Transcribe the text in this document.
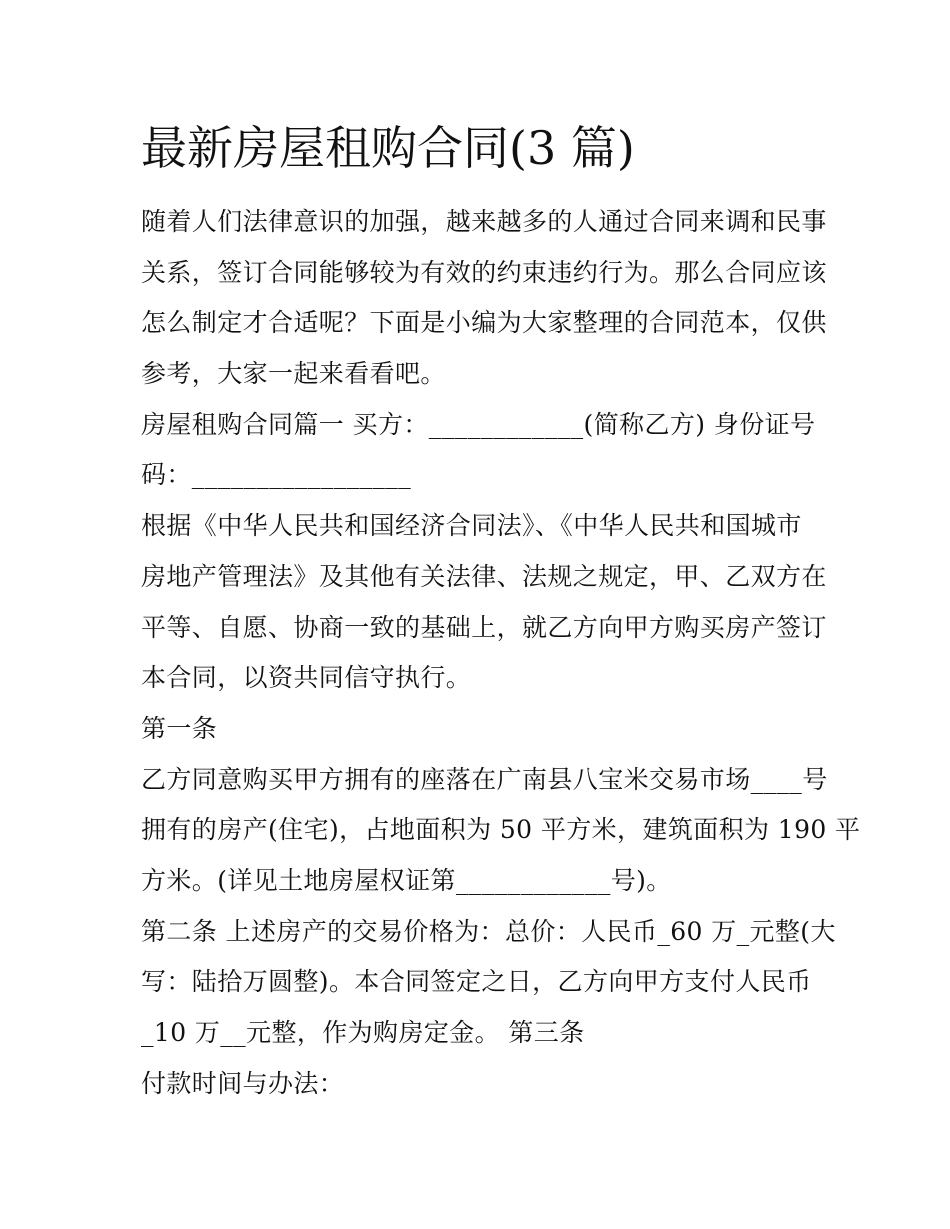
最新房屋租购合同(3 篇)

随着人们法律意识的加强，越来越多的人通过合同来调和民事
关系，签订合同能够较为有效的约束违约行为。那么合同应该
怎么制定才合适呢？下面是小编为大家整理的合同范本，仅供
参考，大家一起来看看吧。

房屋租购合同篇一 买方：____________(简称乙方) 身份证号
码：_________________

根据《中华人民共和国经济合同法》、《中华人民共和国城市
房地产管理法》及其他有关法律、法规之规定，甲、乙双方在
平等、自愿、协商一致的基础上，就乙方向甲方购买房产签订
本合同，以资共同信守执行。

第一条

乙方同意购买甲方拥有的座落在广南县八宝米交易市场____号
拥有的房产(住宅)，占地面积为 50 平方米，建筑面积为 190 平
方米。(详见土地房屋权证第____________号)。

第二条 上述房产的交易价格为：总价：人民币_60 万_元整(大
写：陆拾万圆整)。本合同签定之日，乙方向甲方支付人民币
_10 万__元整，作为购房定金。 第三条

付款时间与办法：
